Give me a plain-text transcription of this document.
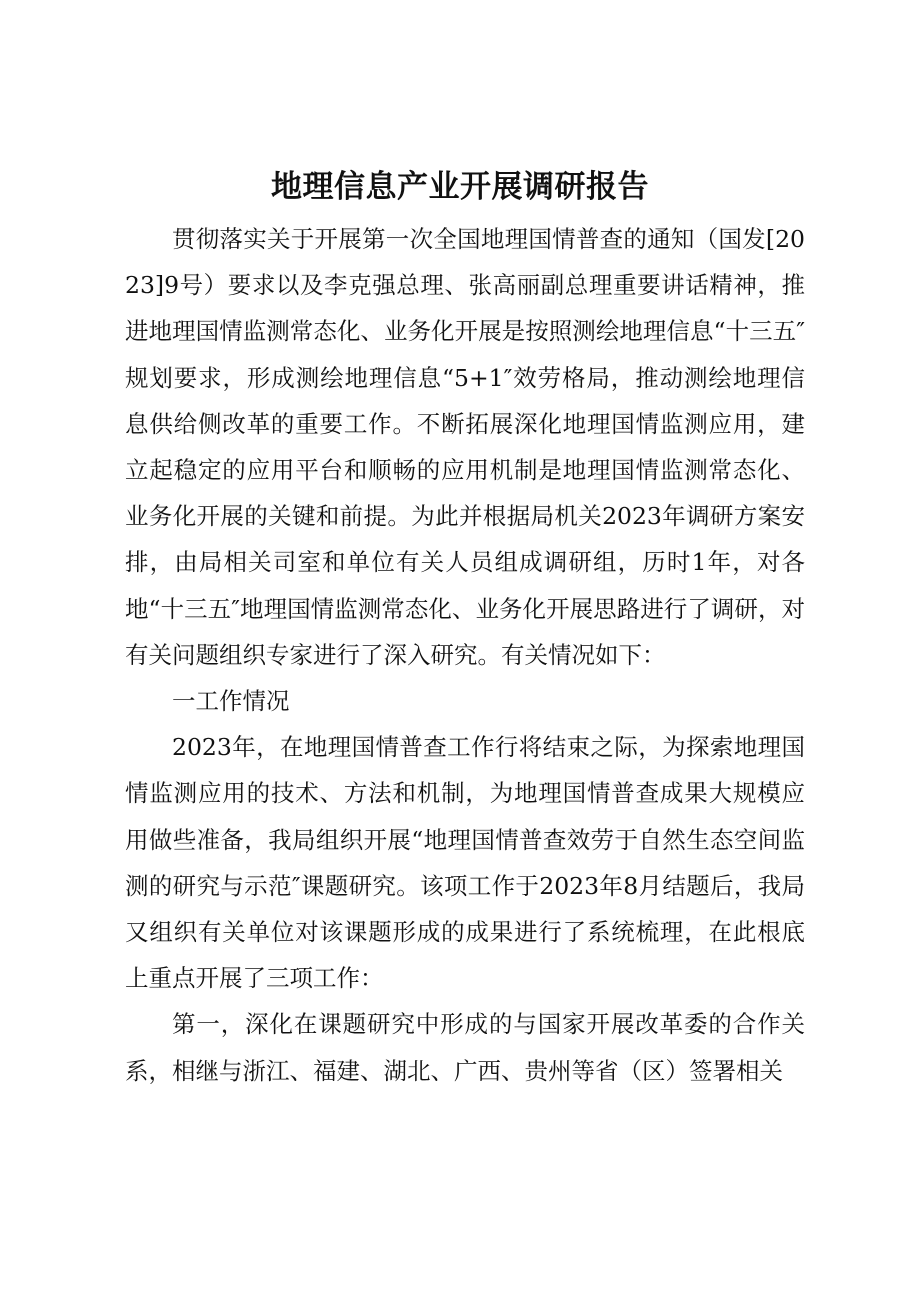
地理信息产业开展调研报告

贯彻落实关于开展第一次全国地理国情普查的通知（国发[2023]9号）要求以及李克强总理、张高丽副总理重要讲话精神，推进地理国情监测常态化、业务化开展是按照测绘地理信息“十三五″规划要求，形成测绘地理信息“5+1″效劳格局，推动测绘地理信息供给侧改革的重要工作。不断拓展深化地理国情监测应用，建立起稳定的应用平台和顺畅的应用机制是地理国情监测常态化、业务化开展的关键和前提。为此并根据局机关2023年调研方案安排，由局相关司室和单位有关人员组成调研组，历时1年，对各地“十三五″地理国情监测常态化、业务化开展思路进行了调研，对有关问题组织专家进行了深入研究。有关情况如下：

一工作情况

2023年，在地理国情普查工作行将结束之际，为探索地理国情监测应用的技术、方法和机制，为地理国情普查成果大规模应用做些准备，我局组织开展“地理国情普查效劳于自然生态空间监测的研究与示范″课题研究。该项工作于2023年8月结题后，我局又组织有关单位对该课题形成的成果进行了系统梳理，在此根底上重点开展了三项工作：

第一，深化在课题研究中形成的与国家开展改革委的合作关系，相继与浙江、福建、湖北、广西、贵州等省（区）签署相关
